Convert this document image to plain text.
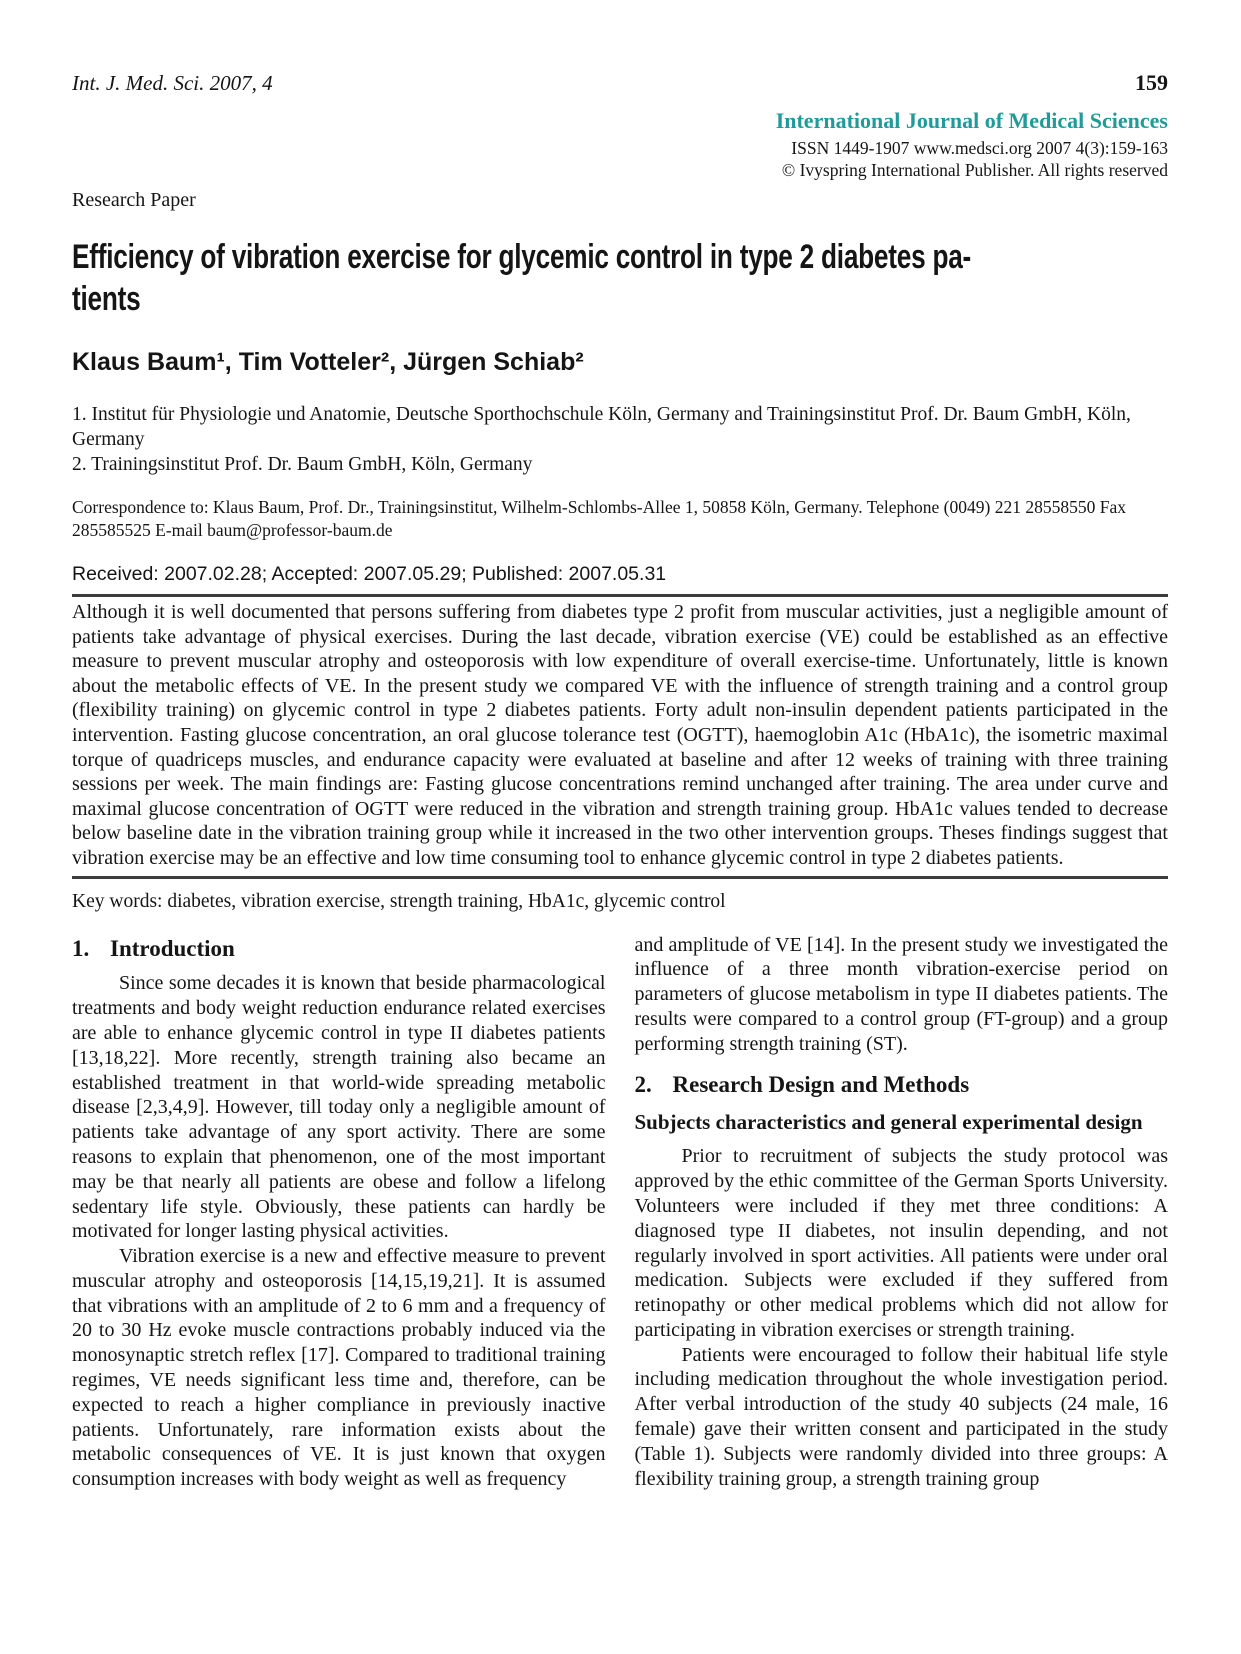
Int. J. Med. Sci. 2007, 4	159
International Journal of Medical Sciences
ISSN 1449-1907 www.medsci.org 2007 4(3):159-163
© Ivyspring International Publisher. All rights reserved
Research Paper
Efficiency of vibration exercise for glycemic control in type 2 diabetes pa-
tients
Klaus Baum¹, Tim Votteler², Jürgen Schiab²
1. Institut für Physiologie und Anatomie, Deutsche Sporthochschule Köln, Germany and Trainingsinstitut Prof. Dr. Baum GmbH, Köln, Germany
2. Trainingsinstitut Prof. Dr. Baum GmbH, Köln, Germany
Correspondence to: Klaus Baum, Prof. Dr., Trainingsinstitut, Wilhelm-Schlombs-Allee 1, 50858 Köln, Germany. Telephone (0049) 221 28558550 Fax 285585525 E-mail baum@professor-baum.de
Received: 2007.02.28; Accepted: 2007.05.29; Published: 2007.05.31
Although it is well documented that persons suffering from diabetes type 2 profit from muscular activities, just a negligible amount of patients take advantage of physical exercises. During the last decade, vibration exercise (VE) could be established as an effective measure to prevent muscular atrophy and osteoporosis with low expenditure of overall exercise-time. Unfortunately, little is known about the metabolic effects of VE. In the present study we compared VE with the influence of strength training and a control group (flexibility training) on glycemic control in type 2 diabetes patients. Forty adult non-insulin dependent patients participated in the intervention. Fasting glucose concentration, an oral glucose tolerance test (OGTT), haemoglobin A1c (HbA1c), the isometric maximal torque of quadriceps muscles, and endurance capacity were evaluated at baseline and after 12 weeks of training with three training sessions per week. The main findings are: Fasting glucose concentrations remind unchanged after training. The area under curve and maximal glucose concentration of OGTT were reduced in the vibration and strength training group. HbA1c values tended to decrease below baseline date in the vibration training group while it increased in the two other intervention groups. Theses findings suggest that vibration exercise may be an effective and low time consuming tool to enhance glycemic control in type 2 diabetes patients.
Key words: diabetes, vibration exercise, strength training, HbA1c, glycemic control
1. Introduction

Since some decades it is known that beside pharmacological treatments and body weight reduction endurance related exercises are able to enhance glycemic control in type II diabetes patients [13,18,22]. More recently, strength training also became an established treatment in that world-wide spreading metabolic disease [2,3,4,9]. However, till today only a negligible amount of patients take advantage of any sport activity. There are some reasons to explain that phenomenon, one of the most important may be that nearly all patients are obese and follow a lifelong sedentary life style. Obviously, these patients can hardly be motivated for longer lasting physical activities.

Vibration exercise is a new and effective measure to prevent muscular atrophy and osteoporosis [14,15,19,21]. It is assumed that vibrations with an amplitude of 2 to 6 mm and a frequency of 20 to 30 Hz evoke muscle contractions probably induced via the monosynaptic stretch reflex [17]. Compared to traditional training regimes, VE needs significant less time and, therefore, can be expected to reach a higher compliance in previously inactive patients. Unfortunately, rare information exists about the metabolic consequences of VE. It is just known that oxygen consumption increases with body weight as well as frequency

and amplitude of VE [14]. In the present study we investigated the influence of a three month vibration-exercise period on parameters of glucose metabolism in type II diabetes patients. The results were compared to a control group (FT-group) and a group performing strength training (ST).

2. Research Design and Methods
Subjects characteristics and general experimental design

Prior to recruitment of subjects the study protocol was approved by the ethic committee of the German Sports University. Volunteers were included if they met three conditions: A diagnosed type II diabetes, not insulin depending, and not regularly involved in sport activities. All patients were under oral medication. Subjects were excluded if they suffered from retinopathy or other medical problems which did not allow for participating in vibration exercises or strength training.

Patients were encouraged to follow their habitual life style including medication throughout the whole investigation period. After verbal introduction of the study 40 subjects (24 male, 16 female) gave their written consent and participated in the study (Table 1). Subjects were randomly divided into three groups: A flexibility training group, a strength training group
